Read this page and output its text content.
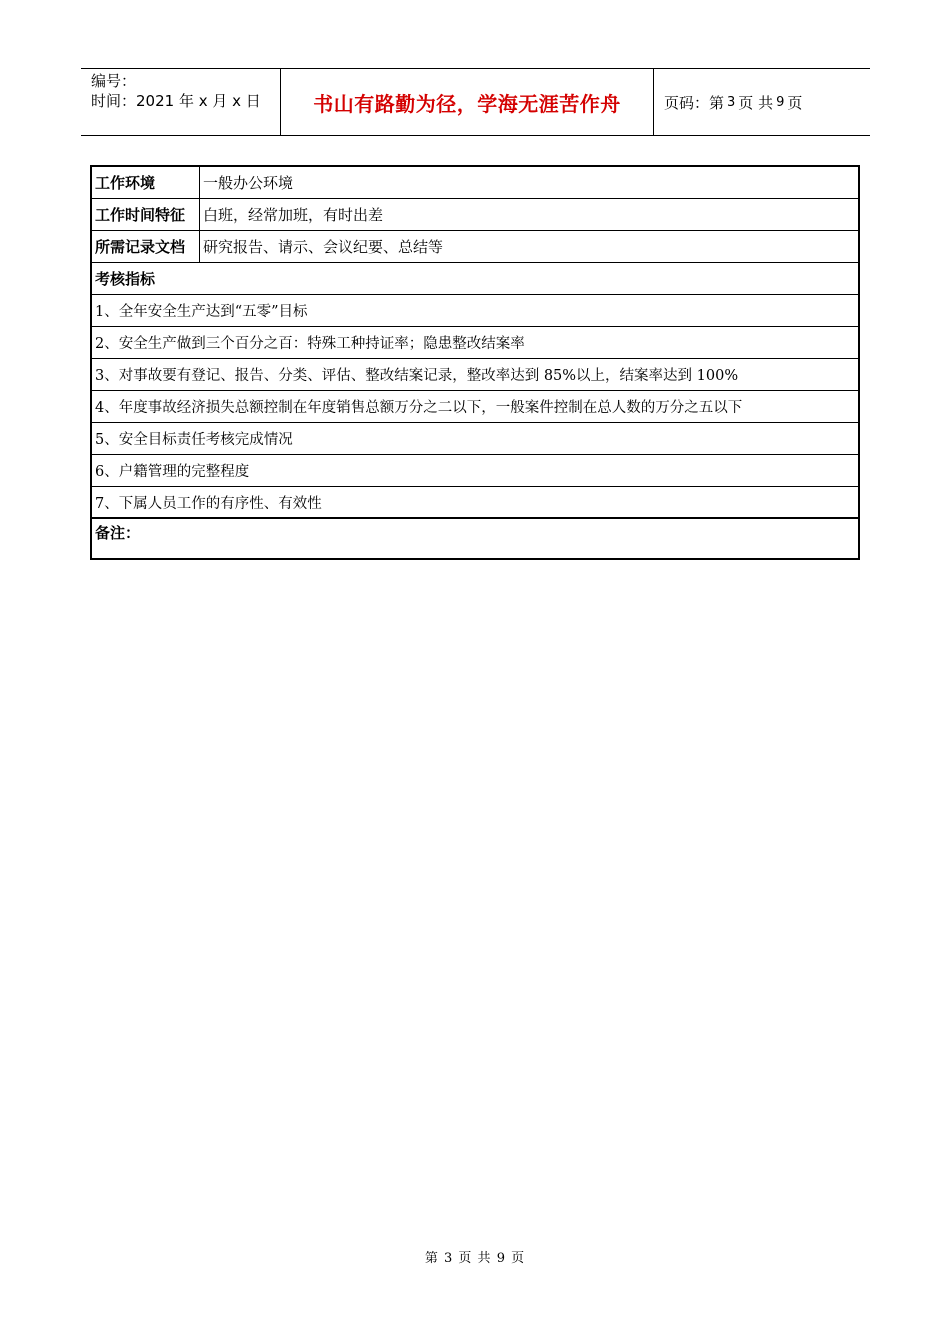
编号：
时间：2021 年 x 月 x 日	书山有路勤为径，学海无涯苦作舟	页码：第 3 页 共 9 页
工作环境	一般办公环境
工作时间特征	白班，经常加班，有时出差
所需记录文档	研究报告、请示、会议纪要、总结等
考核指标
1、全年安全生产达到“五零”目标
2、安全生产做到三个百分之百：特殊工种持证率；隐患整改结案率
3、对事故要有登记、报告、分类、评估、整改结案记录，整改率达到 85%以上，结案率达到 100%
4、年度事故经济损失总额控制在年度销售总额万分之二以下，一般案件控制在总人数的万分之五以下
5、安全目标责任考核完成情况
6、户籍管理的完整程度
7、下属人员工作的有序性、有效性
备注：
第 3 页 共 9 页
